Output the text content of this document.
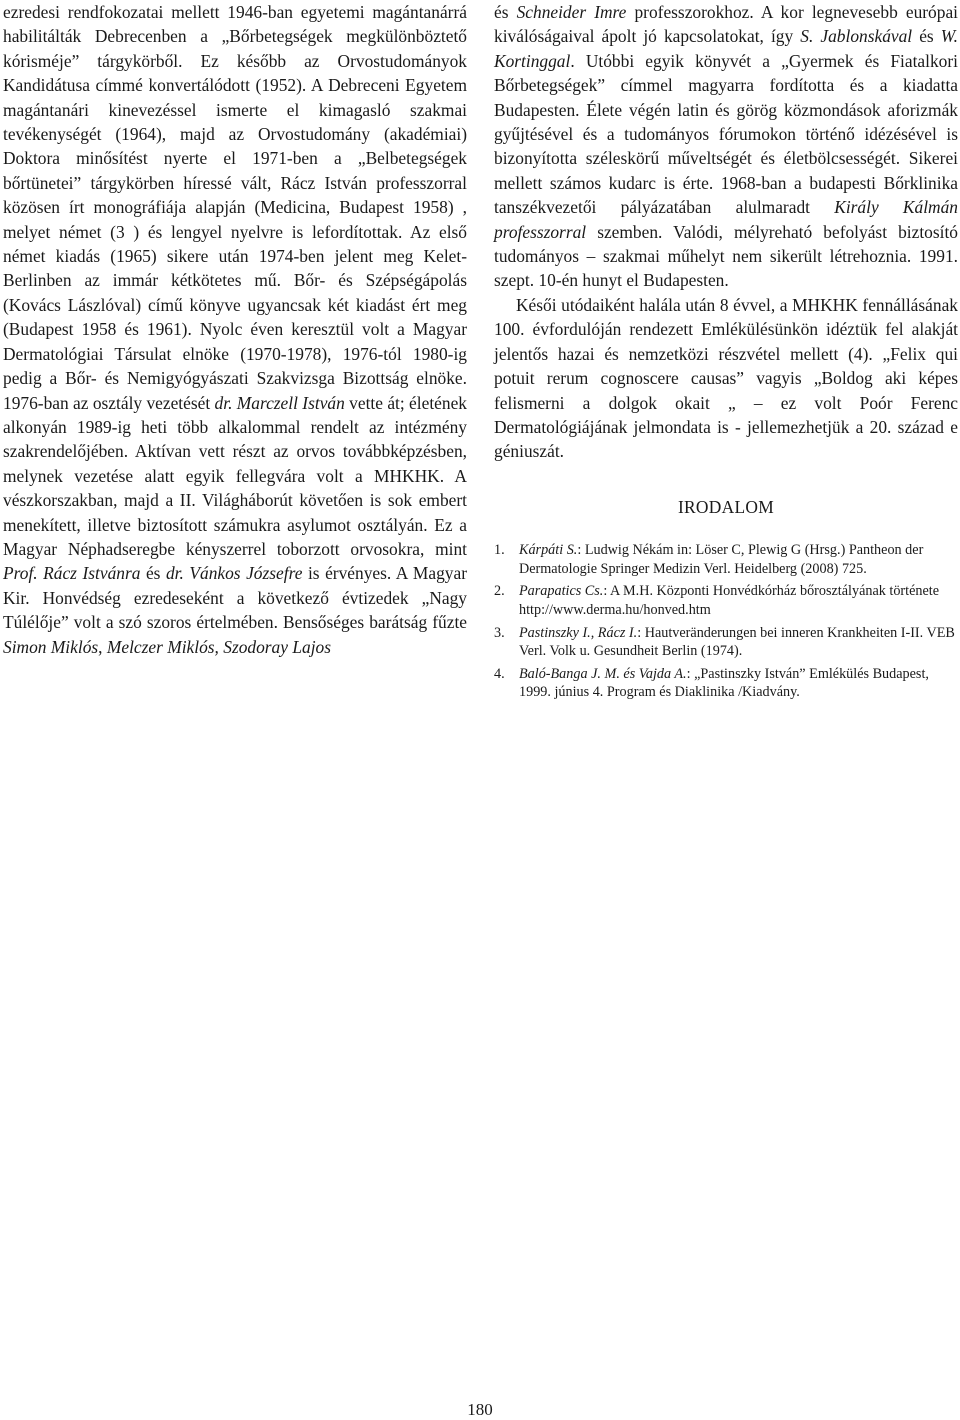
ezredesi rendfokozatai mellett 1946-ban egyetemi magántanárrá habilitálták Debrecenben a „Bőrbetegségek megkülönböztető kórisméje” tárgykörből. Ez később az Orvostudományok Kandidátusa címmé konvertálódott (1952). A Debreceni Egyetem magántanári kinevezéssel ismerte el kimagasló szakmai tevékenységét (1964), majd az Orvostudomány (akadémiai) Doktora minősítést nyerte el 1971-ben a „Belbetegségek bőrtünetei” tárgykörben híressé vált, Rácz István professzorral közösen írt monográfiája alapján (Medicina, Budapest 1958) , melyet német (3 ) és lengyel nyelvre is lefordítottak. Az első német kiadás (1965) sikere után 1974-ben jelent meg Kelet-Berlinben az immár kétkötetes mű. Bőr- és Szépségápolás (Kovács Lászlóval) című könyve ugyancsak két kiadást ért meg (Budapest 1958 és 1961). Nyolc éven keresztül volt a Magyar Dermatológiai Társulat elnöke (1970-1978), 1976-tól 1980-ig pedig a Bőr- és Nemigyógyászati Szakvizsga Bizottság elnöke. 1976-ban az osztály vezetését dr. Marczell István vette át; életének alkonyán 1989-ig heti több alkalommal rendelt az intézmény szakrendelőjében. Aktívan vett részt az orvos továbbképzésben, melynek vezetése alatt egyik fellegvára volt a MHKHK. A vészkorszakban, majd a II. Világháborút követően is sok embert menekített, illetve biztosított számukra asylumot osztályán. Ez a Magyar Néphadseregbe kényszerrel toborzott orvosokra, mint Prof. Rácz Istvánra és dr. Vánkos Józsefre is érvényes. A Magyar Kir. Honvédség ezredeseként a következő évtizedek „Nagy Túlélője” volt a szó szoros értelmében. Bensőséges barátság fűzte Simon Miklós, Melczer Miklós, Szodoray Lajos

és Schneider Imre professzorokhoz. A kor legnevesebb európai kiválóságaival ápolt jó kapcsolatokat, így S. Jablonskával és W. Kortinggal. Utóbbi egyik könyvét a „Gyermek és Fiatalkori Bőrbetegségek” címmel magyarra fordította és a kiadatta Budapesten. Élete végén latin és görög közmondások aforizmák gyűjtésével és a tudományos fórumokon történő idézésével is bizonyította széleskörű műveltségét és életbölcsességét. Sikerei mellett számos kudarc is érte. 1968-ban a budapesti Bőrklinika tanszékvezetői pályázatában alulmaradt Király Kálmán professzorral szemben. Valódi, mélyreható befolyást biztosító tudományos – szakmai műhelyt nem sikerült létrehoznia. 1991. szept. 10-én hunyt el Budapesten.

Késői utódaiként halála után 8 évvel, a MHKHK fennállásának 100. évfordulóján rendezett Emlékülésünkön idéztük fel alakját jelentős hazai és nemzetközi részvétel mellett (4). „Felix qui potuit rerum cognoscere causas” vagyis „Boldog aki képes felismerni a dolgok okait „ – ez volt Poór Ferenc Dermatológiájának jelmondata is - jellemezhetjük a 20. század e géniuszát.

IRODALOM
1.	Kárpáti S.: Ludwig Nékám in: Löser C, Plewig G (Hrsg.) Pantheon der Dermatologie Springer Medizin Verl. Heidelberg (2008) 725.
2.	Parapatics Cs.: A M.H. Központi Honvédkórház bőrosztályának története http://www.derma.hu/honved.htm
3.	Pastinszky I., Rácz I.: Hautveränderungen bei inneren Krankheiten I-II. VEB Verl. Volk u. Gesundheit Berlin (1974).
4.	Baló-Banga J. M. és Vajda A.: „Pastinszky István” Emlékülés Budapest, 1999. június 4. Program és Diaklinika /Kiadvány.
180
